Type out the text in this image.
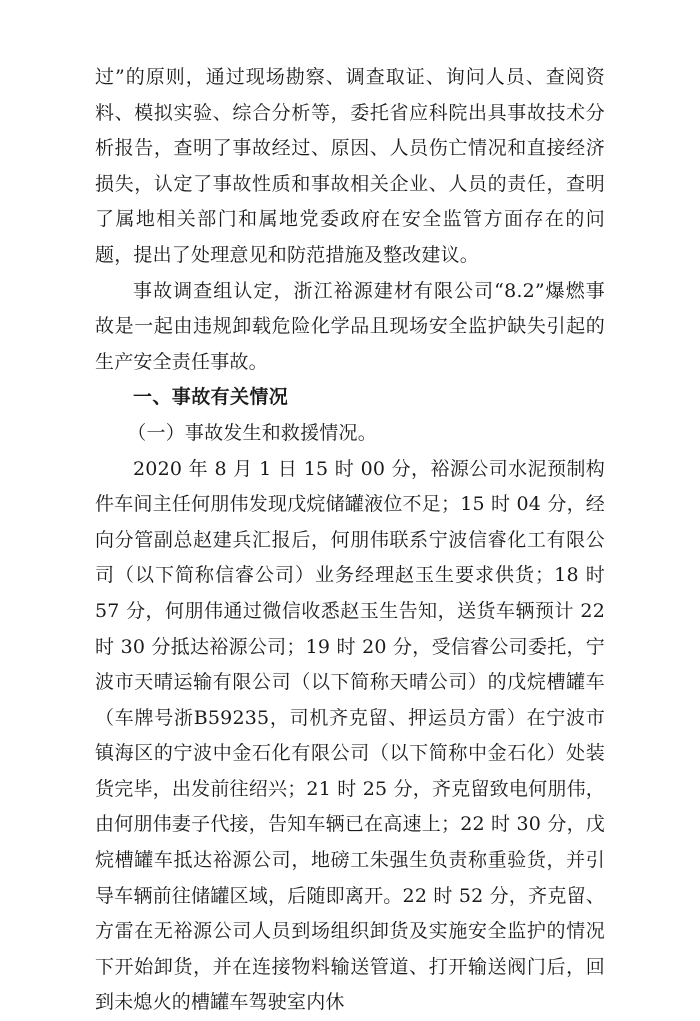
过”的原则，通过现场勘察、调查取证、询问人员、查阅资料、模拟实验、综合分析等，委托省应科院出具事故技术分析报告，查明了事故经过、原因、人员伤亡情况和直接经济损失，认定了事故性质和事故相关企业、人员的责任，查明了属地相关部门和属地党委政府在安全监管方面存在的问题，提出了处理意见和防范措施及整改建议。

事故调查组认定，浙江裕源建材有限公司“8.2”爆燃事故是一起由违规卸载危险化学品且现场安全监护缺失引起的生产安全责任事故。

一、事故有关情况

（一）事故发生和救援情况。

2020 年 8 月 1 日 15 时 00 分，裕源公司水泥预制构件车间主任何朋伟发现戊烷储罐液位不足；15 时 04 分，经向分管副总赵建兵汇报后，何朋伟联系宁波信睿化工有限公司（以下简称信睿公司）业务经理赵玉生要求供货；18 时 57 分，何朋伟通过微信收悉赵玉生告知，送货车辆预计 22 时 30 分抵达裕源公司；19 时 20 分，受信睿公司委托，宁波市天晴运输有限公司（以下简称天晴公司）的戊烷槽罐车（车牌号浙B59235，司机齐克留、押运员方雷）在宁波市镇海区的宁波中金石化有限公司（以下简称中金石化）处装货完毕，出发前往绍兴；21 时 25 分，齐克留致电何朋伟，由何朋伟妻子代接，告知车辆已在高速上；22 时 30 分，戊烷槽罐车抵达裕源公司，地磅工朱强生负责称重验货，并引导车辆前往储罐区域，后随即离开。22 时 52 分，齐克留、方雷在无裕源公司人员到场组织卸货及实施安全监护的情况下开始卸货，并在连接物料输送管道、打开输送阀门后，回到未熄火的槽罐车驾驶室内休
